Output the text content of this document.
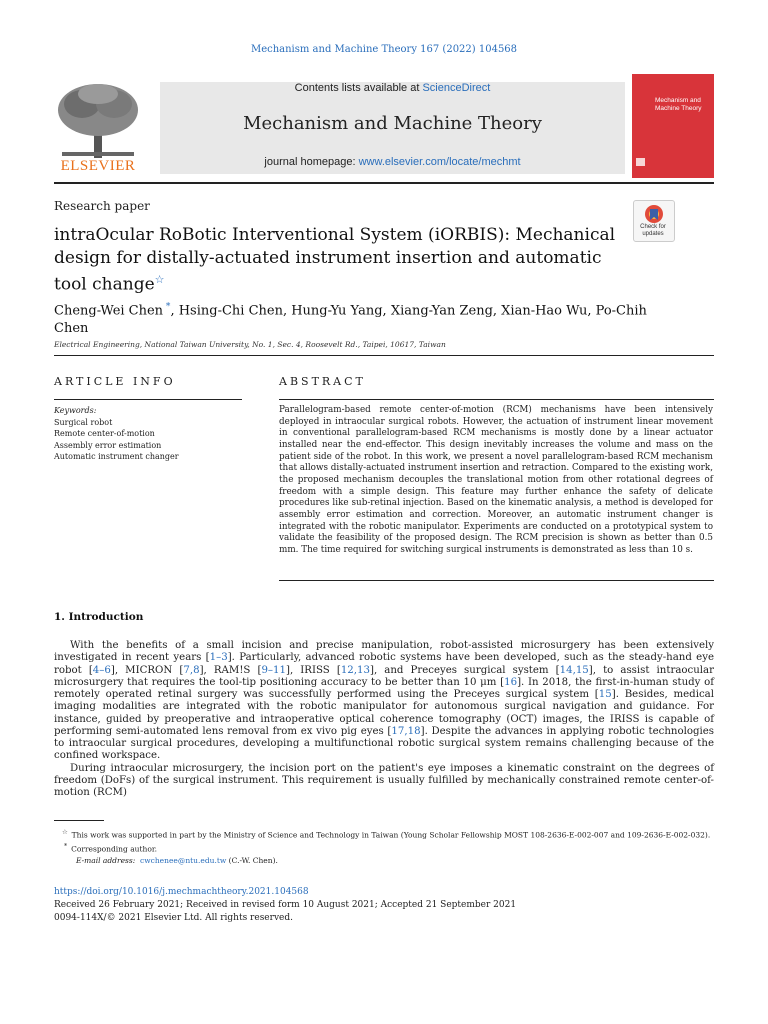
Mechanism and Machine Theory 167 (2022) 104568
ELSEVIER
Contents lists available at ScienceDirect
Mechanism and Machine Theory
journal homepage: www.elsevier.com/locate/mechmt
Mechanism and Machine Theory
Research paper
Check for updates
intraOcular RoBotic Interventional System (iORBIS): Mechanical design for distally-actuated instrument insertion and automatic tool change☆
Cheng-Wei Chen *, Hsing-Chi Chen, Hung-Yu Yang, Xiang-Yan Zeng, Xian-Hao Wu, Po-Chih Chen
Electrical Engineering, National Taiwan University, No. 1, Sec. 4, Roosevelt Rd., Taipei, 10617, Taiwan
ARTICLE INFO	ABSTRACT
Keywords:
Surgical robot
Remote center-of-motion
Assembly error estimation
Automatic instrument changer
Parallelogram-based remote center-of-motion (RCM) mechanisms have been intensively deployed in intraocular surgical robots. However, the actuation of instrument linear movement in conventional parallelogram-based RCM mechanisms is mostly done by a linear actuator installed near the end-effector. This design inevitably increases the volume and mass on the patient side of the robot. In this work, we present a novel parallelogram-based RCM mechanism that allows distally-actuated instrument insertion and retraction. Compared to the existing work, the proposed mechanism decouples the translational motion from other rotational degrees of freedom with a simple design. This feature may further enhance the safety of delicate procedures like sub-retinal injection. Based on the kinematic analysis, a method is developed for assembly error estimation and correction. Moreover, an automatic instrument changer is integrated with the robotic manipulator. Experiments are conducted on a prototypical system to validate the feasibility of the proposed design. The RCM precision is shown as better than 0.5 mm. The time required for switching surgical instruments is demonstrated as less than 10 s.
1. Introduction

With the benefits of a small incision and precise manipulation, robot-assisted microsurgery has been extensively investigated in recent years [1–3]. Particularly, advanced robotic systems have been developed, such as the steady-hand eye robot [4–6], MICRON [7,8], RAM!S [9–11], IRISS [12,13], and Preceyes surgical system [14,15], to assist intraocular microsurgery that requires the tool-tip positioning accuracy to be better than 10 μm [16]. In 2018, the first-in-human study of remotely operated retinal surgery was successfully performed using the Preceyes surgical system [15]. Besides, medical imaging modalities are integrated with the robotic manipulator for autonomous surgical navigation and guidance. For instance, guided by preoperative and intraoperative optical coherence tomography (OCT) images, the IRISS is capable of performing semi-automated lens removal from ex vivo pig eyes [17,18]. Despite the advances in applying robotic technologies to intraocular surgical procedures, developing a multifunctional robotic surgical system remains challenging because of the confined workspace.

During intraocular microsurgery, the incision port on the patient's eye imposes a kinematic constraint on the degrees of freedom (DoFs) of the surgical instrument. This requirement is usually fulfilled by mechanically constrained remote center-of-motion (RCM)

☆ This work was supported in part by the Ministry of Science and Technology in Taiwan (Young Scholar Fellowship MOST 108-2636-E-002-007 and 109-2636-E-002-032).

* Corresponding author.

E-mail address: cwchenee@ntu.edu.tw (C.-W. Chen).

https://doi.org/10.1016/j.mechmachtheory.2021.104568

Received 26 February 2021; Received in revised form 10 August 2021; Accepted 21 September 2021

0094-114X/© 2021 Elsevier Ltd. All rights reserved.
